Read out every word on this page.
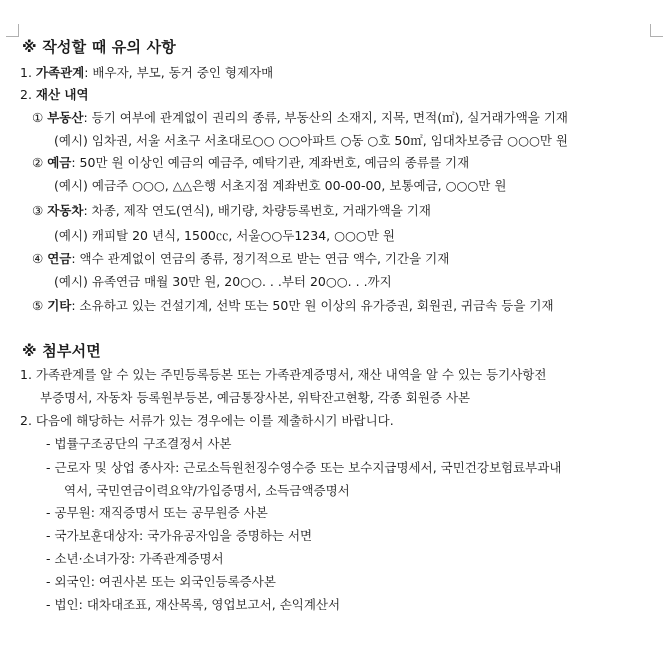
※ 작성할 때 유의 사항
1. 가족관계: 배우자, 부모, 동거 중인 형제자매
2. 재산 내역
① 부동산: 등기 여부에 관계없이 권리의 종류, 부동산의 소재지, 지목, 면적(㎡), 실거래가액을 기재
(예시) 임차권, 서울 서초구 서초대로○○ ○○아파트 ○동 ○호 50㎡, 임대차보증금 ○○○만 원
② 예금: 50만 원 이상인 예금의 예금주, 예탁기관, 계좌번호, 예금의 종류를 기재
(예시) 예금주 ○○○, △△은행 서초지점 계좌번호 00-00-00, 보통예금, ○○○만 원
③ 자동차: 차종, 제작 연도(연식), 배기량, 차량등록번호, 거래가액을 기재
(예시) 캐피탈 20 년식, 1500㏄, 서울○○두1234, ○○○만 원
④ 연금: 액수 관계없이 연금의 종류, 정기적으로 받는 연금 액수, 기간을 기재
(예시) 유족연금 매월 30만 원, 20○○. . .부터 20○○. . .까지
⑤ 기타: 소유하고 있는 건설기계, 선박 또는 50만 원 이상의 유가증권, 회원권, 귀금속 등을 기재
※ 첨부서면
1. 가족관계를 알 수 있는 주민등록등본 또는 가족관계증명서, 재산 내역을 알 수 있는 등기사항전
부증명서, 자동차 등록원부등본, 예금통장사본, 위탁잔고현황, 각종 회원증 사본
2. 다음에 해당하는 서류가 있는 경우에는 이를 제출하시기 바랍니다.
- 법률구조공단의 구조결정서 사본
- 근로자 및 상업 종사자: 근로소득원천징수영수증 또는 보수지급명세서, 국민건강보험료부과내
역서, 국민연금이력요약/가입증명서, 소득금액증명서
- 공무원: 재직증명서 또는 공무원증 사본
- 국가보훈대상자: 국가유공자임을 증명하는 서면
- 소년·소녀가장: 가족관계증명서
- 외국인: 여권사본 또는 외국인등록증사본
- 법인: 대차대조표, 재산목록, 영업보고서, 손익계산서
